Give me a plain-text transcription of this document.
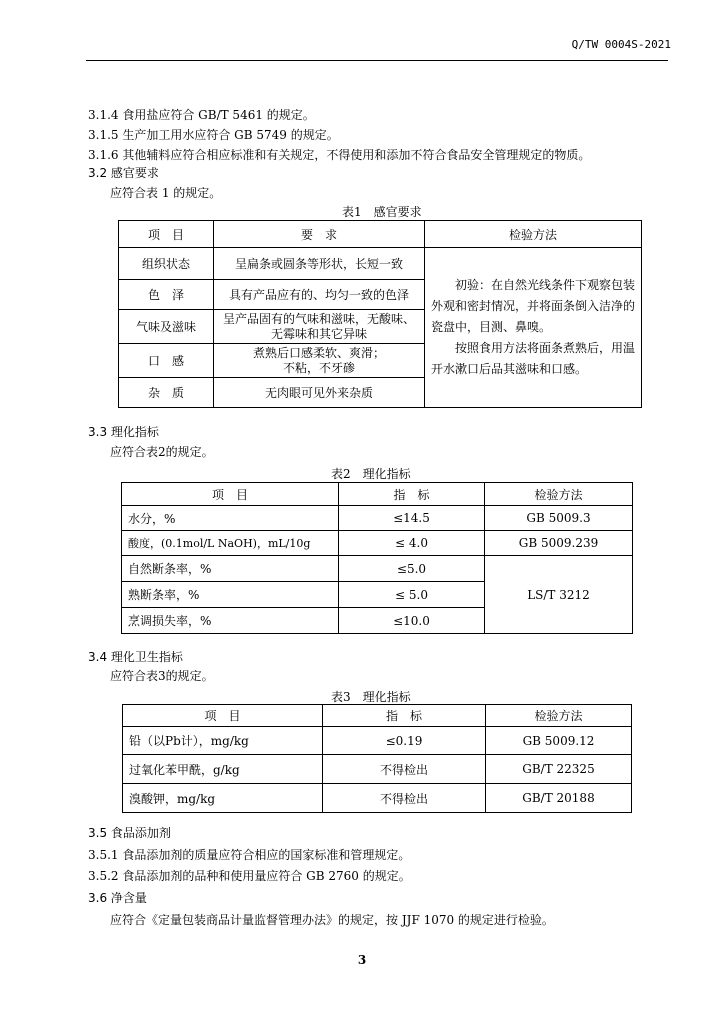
Q/TW 0004S-2021
3.1.4 食用盐应符合 GB/T 5461 的规定。
3.1.5 生产加工用水应符合 GB 5749 的规定。
3.1.6 其他辅料应符合相应标准和有关规定，不得使用和添加不符合食品安全管理规定的物质。
3.2 感官要求
应符合表 1 的规定。
表1　感官要求
项　目	要　求	检验方法
组织状态	呈扁条或圆条等形状，长短一致	初验：在自然光线条件下观察包装外观和密封情况，并将面条倒入洁净的瓷盘中，目测、鼻嗅。

按照食用方法将面条煮熟后，用温开水漱口后品其滋味和口感。

色　泽	具有产品应有的、均匀一致的色泽	
气味及滋味	呈产品固有的气味和滋味，无酸味、
无霉味和其它异味	

口　感	煮熟后口感柔软、爽滑；
不粘，不牙碜	

杂　质	无肉眼可见外来杂质	
3.3 理化指标
应符合表2的规定。
表2　理化指标
项　目	指　标	检验方法
水分，%	≤14.5	GB 5009.3
酸度，(0.1mol/L NaOH)，mL/10g	≤ 4.0	GB 5009.239
自然断条率，%	≤5.0	LS/T 3212
熟断条率，%	≤ 5.0	
烹调损失率，%	≤10.0	
3.4 理化卫生指标
应符合表3的规定。
表3　理化指标
项　目	指　标	检验方法
铅（以Pb计），mg/kg	≤0.19	GB 5009.12
过氧化苯甲酰，g/kg	不得检出	GB/T 22325
溴酸钾，mg/kg	不得检出	GB/T 20188
3.5 食品添加剂
3.5.1 食品添加剂的质量应符合相应的国家标准和管理规定。
3.5.2 食品添加剂的品种和使用量应符合 GB 2760 的规定。
3.6 净含量
应符合《定量包装商品计量监督管理办法》的规定，按 JJF 1070 的规定进行检验。
3
